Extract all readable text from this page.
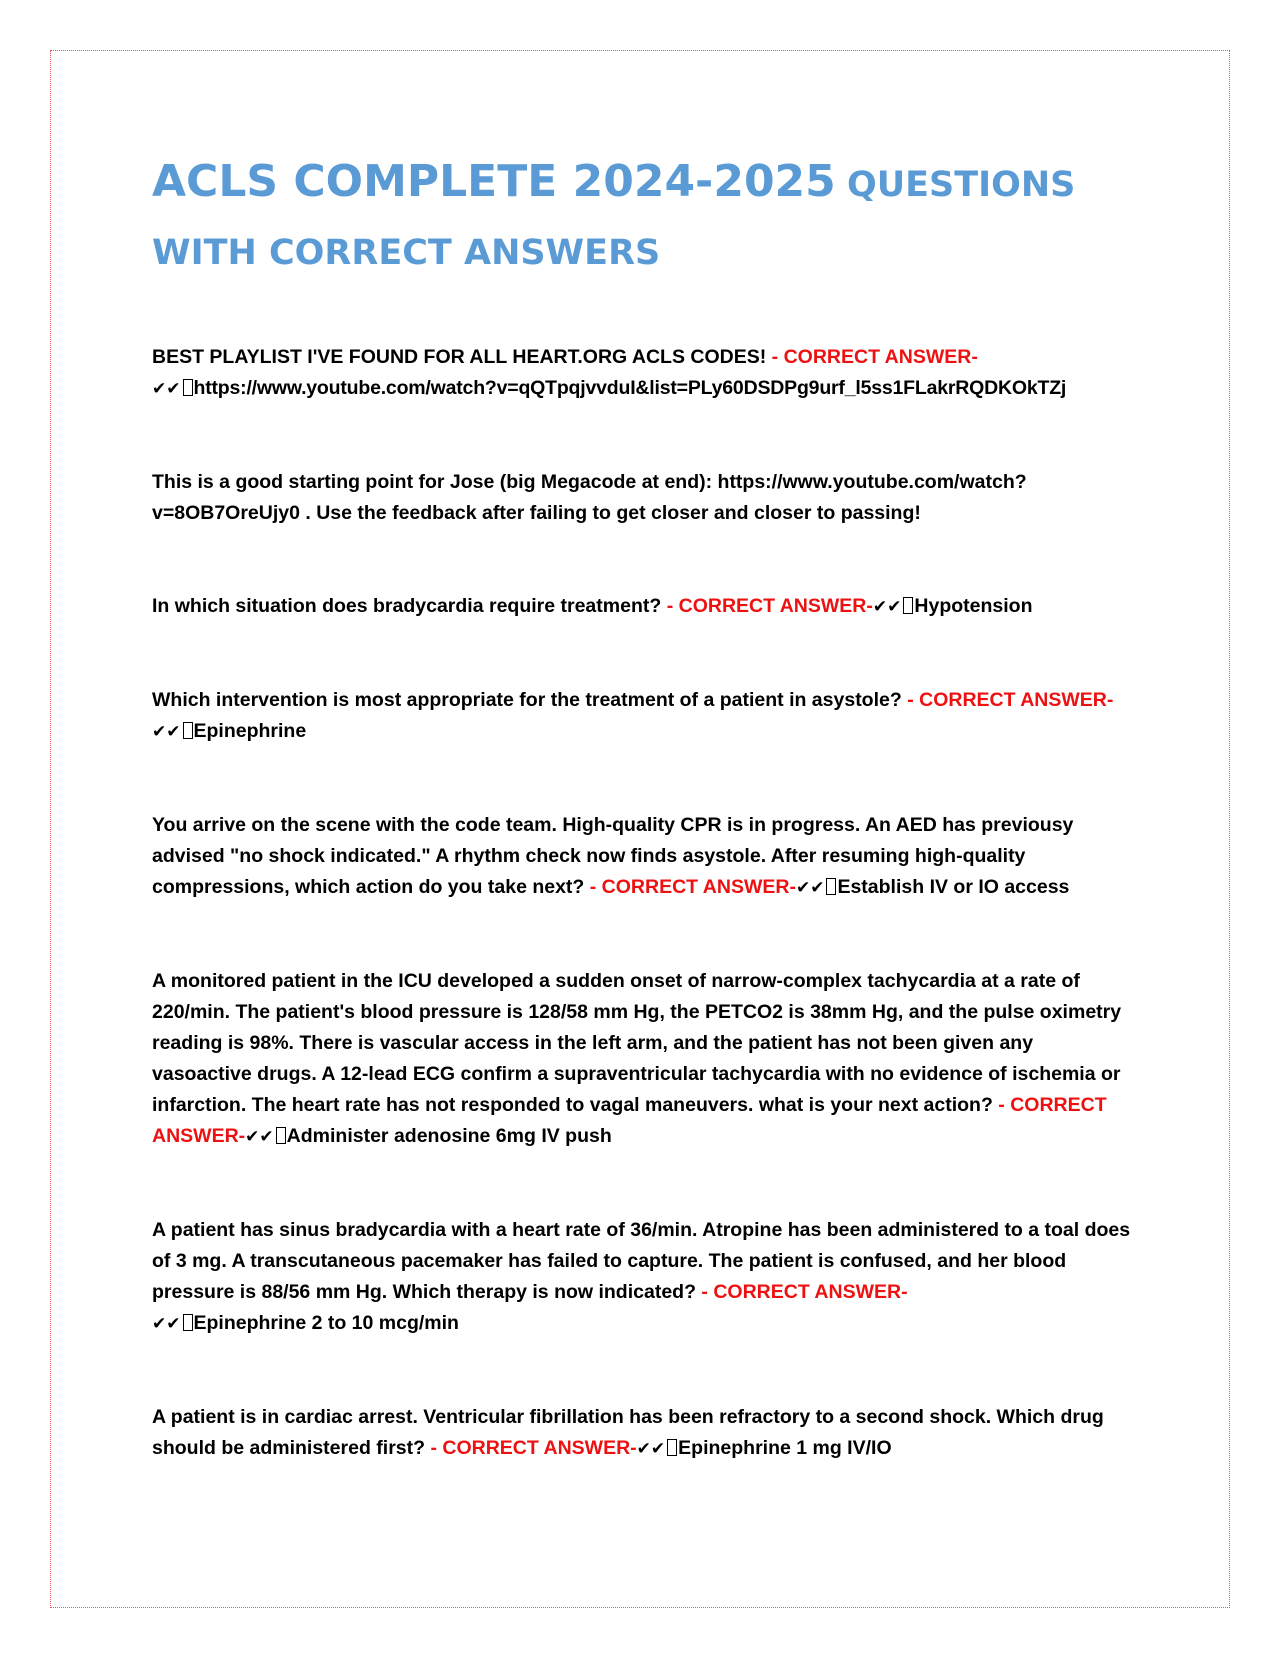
ACLS COMPLETE 2024-2025 QUESTIONS WITH CORRECT ANSWERS

BEST PLAYLIST I'VE FOUND FOR ALL HEART.ORG ACLS CODES! - CORRECT ANSWER-
✔✔ https://www.youtube.com/watch?v=qQTpqjvvduI&list=PLy60DSDPg9urf_l5ss1FLakrRQDKOkTZj

This is a good starting point for Jose (big Megacode at end): https://www.youtube.com/watch?v=8OB7OreUjy0 . Use the feedback after failing to get closer and closer to passing!

In which situation does bradycardia require treatment? - CORRECT ANSWER-✔✔ Hypotension

Which intervention is most appropriate for the treatment of a patient in asystole? - CORRECT ANSWER-✔✔ Epinephrine

You arrive on the scene with the code team. High-quality CPR is in progress. An AED has previousy advised "no shock indicated." A rhythm check now finds asystole. After resuming high-quality compressions, which action do you take next? - CORRECT ANSWER-✔✔ Establish IV or IO access

A monitored patient in the ICU developed a sudden onset of narrow-complex tachycardia at a rate of 220/min. The patient's blood pressure is 128/58 mm Hg, the PETCO2 is 38mm Hg, and the pulse oximetry reading is 98%. There is vascular access in the left arm, and the patient has not been given any vasoactive drugs. A 12-lead ECG confirm a supraventricular tachycardia with no evidence of ischemia or infarction. The heart rate has not responded to vagal maneuvers. what is your next action? - CORRECT ANSWER-✔✔ Administer adenosine 6mg IV push

A patient has sinus bradycardia with a heart rate of 36/min. Atropine has been administered to a toal does of 3 mg. A transcutaneous pacemaker has failed to capture. The patient is confused, and her blood pressure is 88/56 mm Hg. Which therapy is now indicated? - CORRECT ANSWER-
✔✔ Epinephrine 2 to 10 mcg/min

A patient is in cardiac arrest. Ventricular fibrillation has been refractory to a second shock. Which drug should be administered first? - CORRECT ANSWER-✔✔ Epinephrine 1 mg IV/IO
